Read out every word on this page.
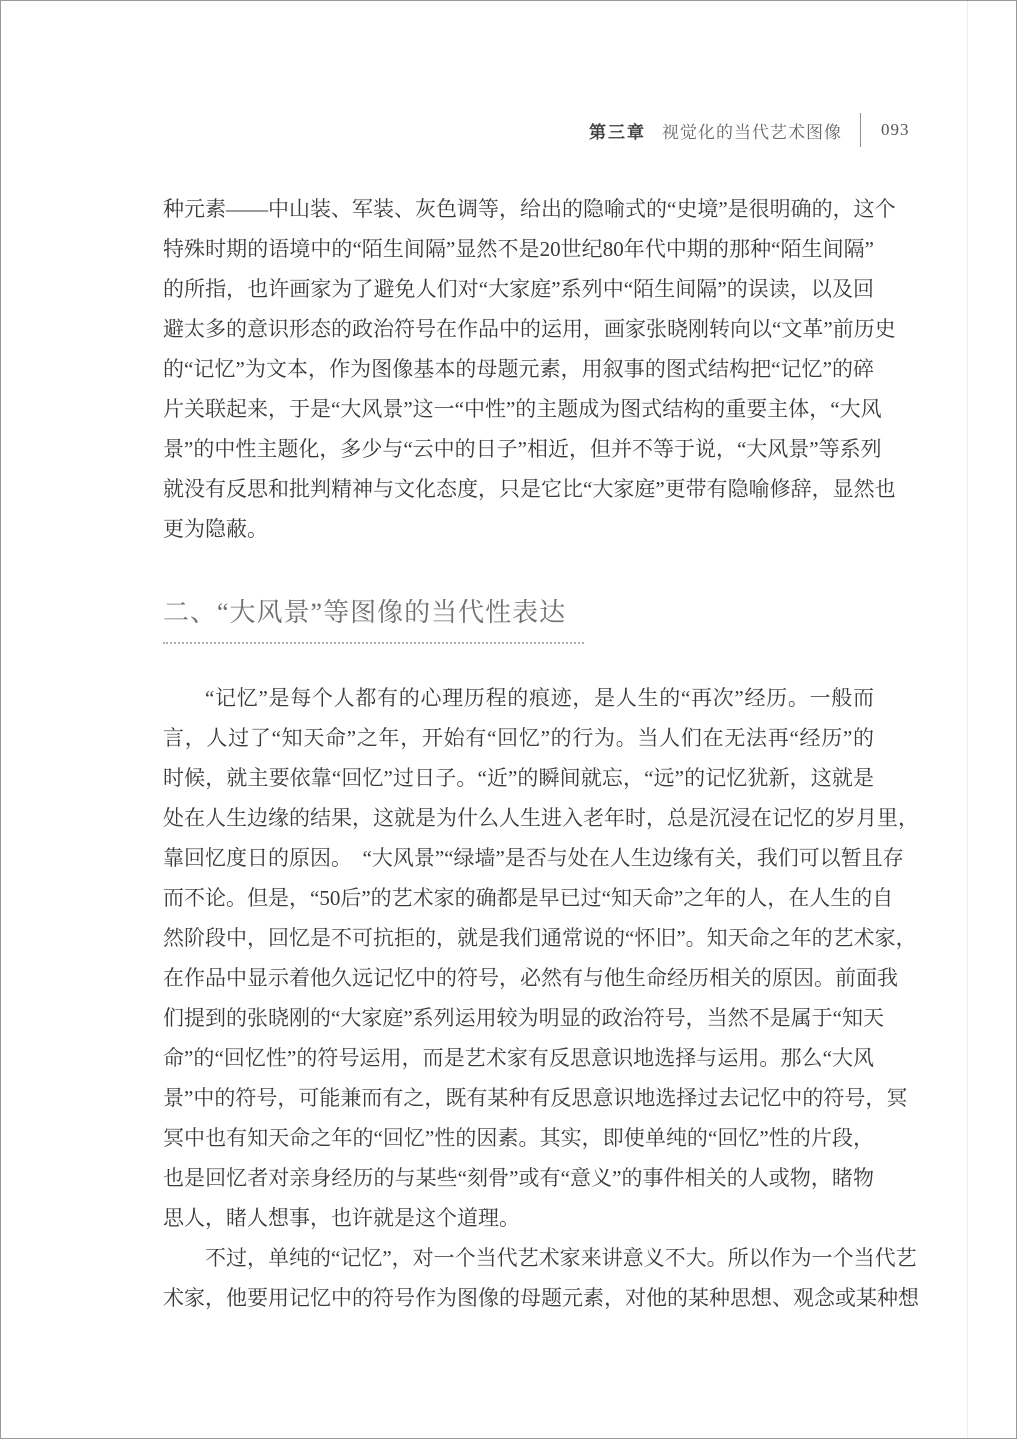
第三章 视觉化的当代艺术图像 093
种元素——中山装、军装、灰色调等，给出的隐喻式的“史境”是很明确的，这个
特殊时期的语境中的“陌生间隔”显然不是20世纪80年代中期的那种“陌生间隔”
的所指，也许画家为了避免人们对“大家庭”系列中“陌生间隔”的误读，以及回
避太多的意识形态的政治符号在作品中的运用，画家张晓刚转向以“文革”前历史
的“记忆”为文本，作为图像基本的母题元素，用叙事的图式结构把“记忆”的碎
片关联起来，于是“大风景”这一“中性”的主题成为图式结构的重要主体，“大风
景”的中性主题化，多少与“云中的日子”相近，但并不等于说，“大风景”等系列
就没有反思和批判精神与文化态度，只是它比“大家庭”更带有隐喻修辞，显然也
更为隐蔽。
二、“大风景”等图像的当代性表达
“记忆”是每个人都有的心理历程的痕迹，是人生的“再次”经历。一般而
言，人过了“知天命”之年，开始有“回忆”的行为。当人们在无法再“经历”的
时候，就主要依靠“回忆”过日子。“近”的瞬间就忘，“远”的记忆犹新，这就是
处在人生边缘的结果，这就是为什么人生进入老年时，总是沉浸在记忆的岁月里，
靠回忆度日的原因。　“大风景”“绿墙”是否与处在人生边缘有关，我们可以暂且存
而不论。但是，“50后”的艺术家的确都是早已过“知天命”之年的人，在人生的自
然阶段中，回忆是不可抗拒的，就是我们通常说的“怀旧”。知天命之年的艺术家，
在作品中显示着他久远记忆中的符号，必然有与他生命经历相关的原因。前面我
们提到的张晓刚的“大家庭”系列运用较为明显的政治符号，当然不是属于“知天
命”的“回忆性”的符号运用，而是艺术家有反思意识地选择与运用。那么“大风
景”中的符号，可能兼而有之，既有某种有反思意识地选择过去记忆中的符号，冥
冥中也有知天命之年的“回忆”性的因素。其实，即使单纯的“回忆”性的片段，
也是回忆者对亲身经历的与某些“刻骨”或有“意义”的事件相关的人或物，睹物
思人，睹人想事，也许就是这个道理。
不过，单纯的“记忆”，对一个当代艺术家来讲意义不大。所以作为一个当代艺
术家，他要用记忆中的符号作为图像的母题元素，对他的某种思想、观念或某种想
